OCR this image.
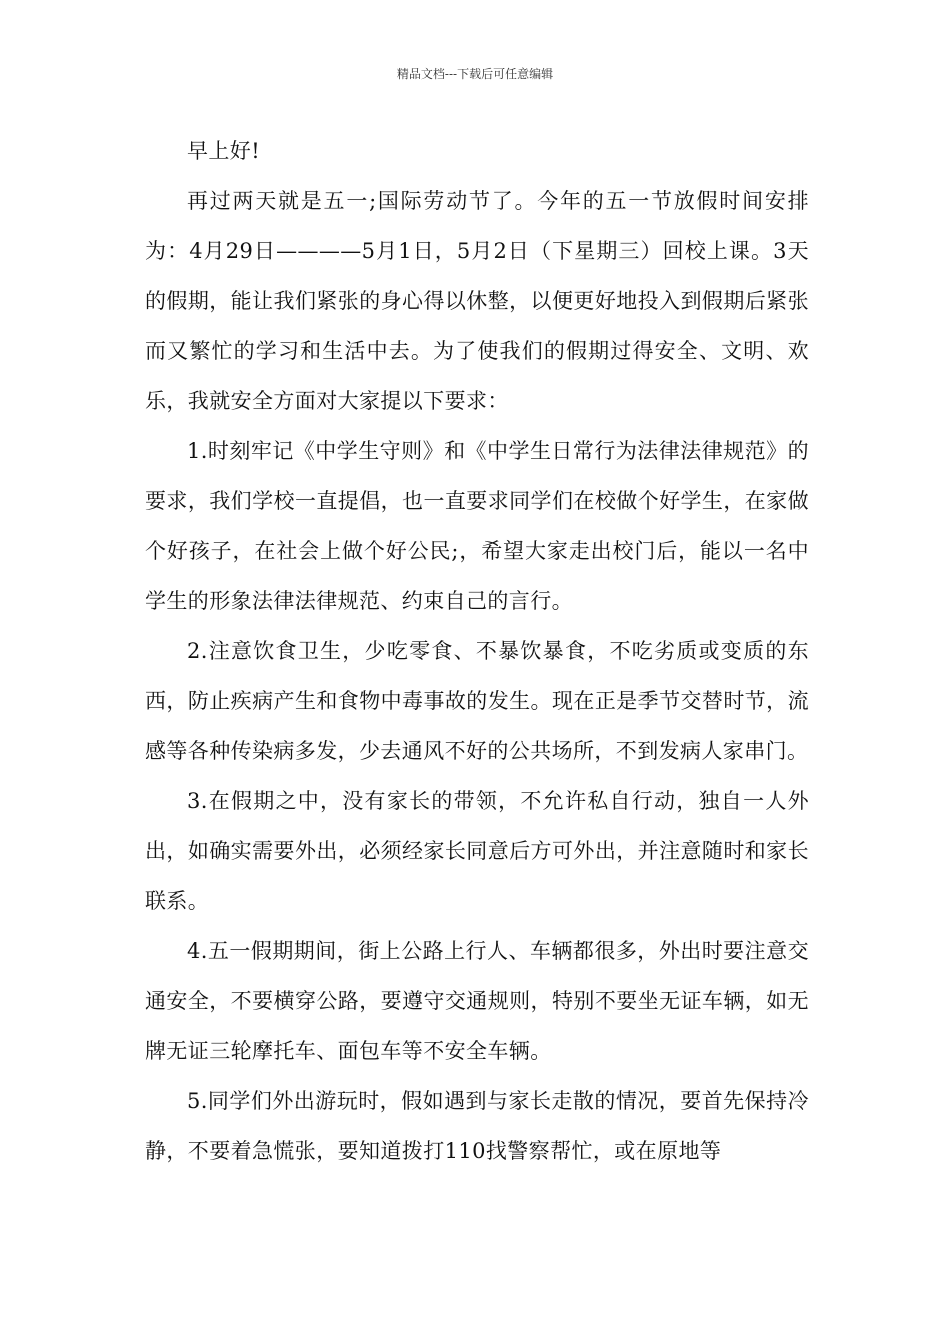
精品文档---下载后可任意编辑

早上好!

再过两天就是五一;国际劳动节了。今年的五一节放假时间安排为：4月29日————5月1日，5月2日（下星期三）回校上课。3天的假期，能让我们紧张的身心得以休整，以便更好地投入到假期后紧张而又繁忙的学习和生活中去。为了使我们的假期过得安全、文明、欢乐，我就安全方面对大家提以下要求：

1.时刻牢记《中学生守则》和《中学生日常行为法律法律规范》的要求，我们学校一直提倡，也一直要求同学们在校做个好学生，在家做个好孩子，在社会上做个好公民;，希望大家走出校门后，能以一名中学生的形象法律法律规范、约束自己的言行。

2.注意饮食卫生，少吃零食、不暴饮暴食，不吃劣质或变质的东西，防止疾病产生和食物中毒事故的发生。现在正是季节交替时节，流感等各种传染病多发，少去通风不好的公共场所，不到发病人家串门。

3.在假期之中，没有家长的带领，不允许私自行动，独自一人外出，如确实需要外出，必须经家长同意后方可外出，并注意随时和家长联系。

4.五一假期期间，街上公路上行人、车辆都很多，外出时要注意交通安全，不要横穿公路，要遵守交通规则，特别不要坐无证车辆，如无牌无证三轮摩托车、面包车等不安全车辆。

5.同学们外出游玩时，假如遇到与家长走散的情况，要首先保持冷静，不要着急慌张，要知道拨打110找警察帮忙，或在原地等
